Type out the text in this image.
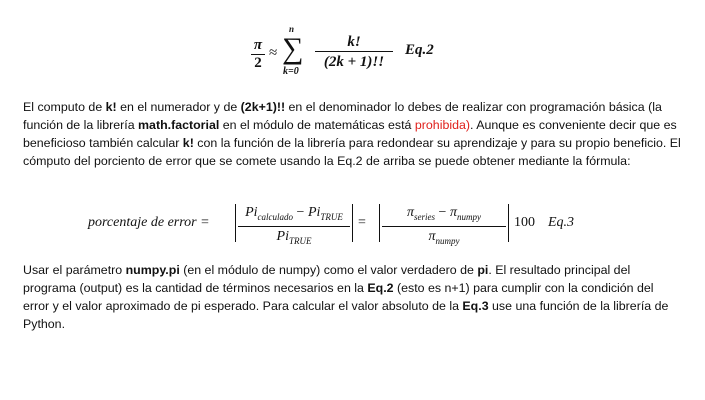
$\frac{\pi}{2}$ ≈
n
∑
k=0
$\frac{k!}{(2k + 1)!!} Eq.2$
El computo de k! en el numerador y de (2k+1)!! en el denominador lo debes de realizar con programación básica (la función de la librería math.factorial en el módulo de matemáticas está prohibida). Aunque es conveniente decir que es beneficioso también calcular k! con la función de la librería para redondear su aprendizaje y para su propio beneficio. El cómputo del porciento de error que se comete usando la Eq.2 de arriba se puede obtener mediante la fórmula:
porcentaje de error =
$Pi_{calculado} - Pi_{TRUE}$
$Pi_{TRUE}$
=
$\pi_{series} - \pi_{numpy}$
$\pi_{numpy}$
100 Eq.3
Usar el parámetro numpy.pi (en el módulo de numpy) como el valor verdadero de pi. El resultado principal del programa (output) es la cantidad de términos necesarios en la Eq.2 (esto es n+1) para cumplir con la condición del error y el valor aproximado de pi esperado. Para calcular el valor absoluto de la Eq.3 use una función de la librería de Python.
